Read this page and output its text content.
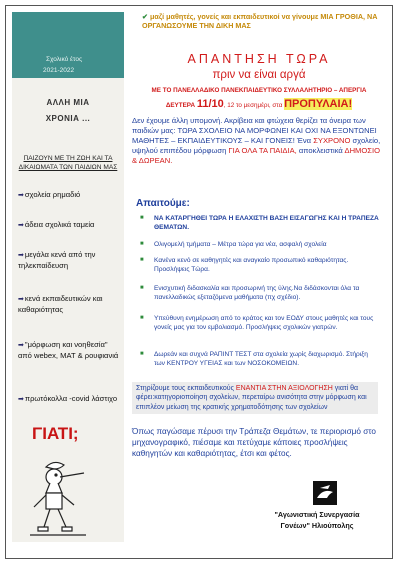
Σχολικό έτος
2021-2022
ΑΛΛΗ ΜΙΑ
ΧΡΟΝΙΑ ...
ΠΑΙΖΟΥΝ ΜΕ ΤΗ ΖΩΗ ΚΑΙ ΤΑ ΔΙΚΑΙΩΜΑΤΑ ΤΩΝ ΠΑΙΔΙΩΝ ΜΑΣ
➡σχολεία ρημαδιό
➡άδεια σχολικά ταμεία
➡μεγάλα κενά από την τηλεκπαίδευση
➡κενά εκπαιδευτικών και καθαριότητας
➡"μόρφωση και νοηθεσία" από webex, MAT & ρουφιανιά
➡πρωτόκολλα -covid λάστιχο
ΓΙΑΤΙ;

✔ μαζί μαθητές, γονείς και εκπαιδευτικοί να γίνουμε ΜΙΑ ΓΡΟΘΙΑ, ΝΑ ΟΡΓΑΝΩΣΟΥΜΕ ΤΗΝ ΔΙΚΗ ΜΑΣ

ΑΠΑΝΤΗΣΗ ΤΩΡΑ
πριν να είναι αργά
ΜΕ ΤΟ ΠΑΝΕΛΛΑΔΙΚΟ ΠΑΝΕΚΠΑΙΔΕΥΤΙΚΟ ΣΥΛΛΑΛΗΤΗΡΙΟ – ΑΠΕΡΓΙΑ
ΔΕΥΤΕΡΑ 11/10, 12 το μεσημέρι, στα ΠΡΟΠΥΛΑΙΑ!

Δεν έχουμε άλλη υπομονή. Ακρίβεια και φτώχεια θερίζει τα όνειρα των παιδιών μας: ΤΩΡΑ ΣΧΟΛΕΙΟ ΝΑ ΜΟΡΦΩΝΕΙ ΚΑΙ ΟΧΙ ΝΑ ΕΞΟΝΤΩΝΕΙ ΜΑΘΗΤΕΣ – ΕΚΠΑΙΔΕΥΤΙΚΟΥΣ – ΚΑΙ ΓΟΝΕΙΣ! Ένα ΣΥΧΡΟΝΟ σχολείο, υψηλού επιπέδου μόρφωση ΓΙΑ ΟΛΑ ΤΑ ΠΑΙΔΙΑ, αποκλειστικά ΔΗΜΟΣΙΟ & ΔΩΡΕΑΝ.

Απαιτούμε:
■ ΝΑ ΚΑΤΑΡΓΗΘΕΙ ΤΩΡΑ Η ΕΛΑΧΙΣΤΗ ΒΑΣΗ ΕΙΣΑΓΩΓΗΣ ΚΑΙ Η ΤΡΑΠΕΖΑ ΘΕΜΑΤΩΝ.
■ Ολιγομελή τμήματα – Μέτρα τώρα για νέα, ασφαλή σχολεία
■ Κανένα κενό σε καθηγητές και αναγκαίο προσωπικό καθαριότητας. Προσλήψεις Τώρα.
■ Ενισχυτική διδασκαλία και προσωρινή της ύλης.Να διδάσκονται όλα τα πανελλαδικώς εξεταζόμενα μαθήματα (πχ σχέδιο).
■ Υπεύθυνη ενημέρωση από το κράτος και τον ΕΟΔΥ στους μαθητές και τους γονείς μας για τον εμβολιασμό. Προσλήψεις σχολικών γιατρών.
■ Δωρεάν και συχνά ΡΑΠΙΝΤ ΤΕΣΤ στα σχολεία χωρίς διαχωρισμό. Στήριξη των ΚΕΝΤΡΟΥ ΥΓΕΙΑΣ και των ΝΟΣΟΚΟΜΕΙΩΝ.

Στηρίζουμε τους εκπαιδευτικούς ΕΝΑΝΤΙΑ ΣΤΗΝ ΑΞΙΟΛΟΓΗΣΗ γιατί θα φέρει:κατηγοριοποίηση σχολείων, περεταίρω ανισότητα στην μόρφωση και επιπλέον μείωση της κρατικής χρηματοδότησης των σχολείων

Όπως παγώσαμε πέρυσι την Τράπεζα Θεμάτων, τε περιορισμό στο μηχανογραφικό, πιέσαμε και πετύχαμε κάποιες προσλήψεις καθηγητών και καθαριότητας, έτσι και φέτος.

"Αγωνιστική Συνεργασία
Γονέων" Ηλιούπολης
